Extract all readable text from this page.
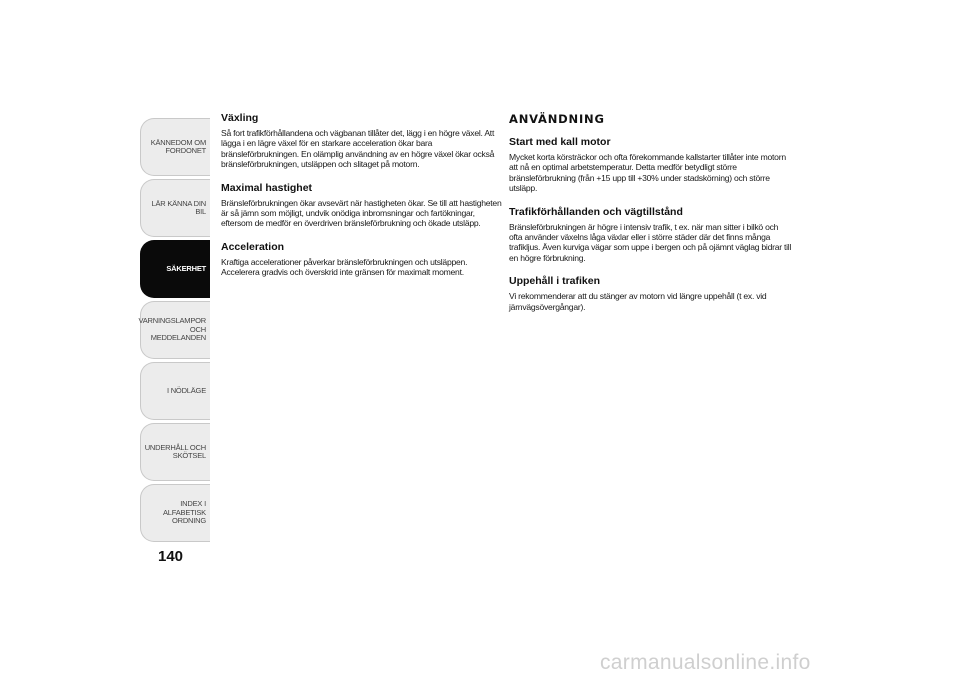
KÄNNEDOM OM
FORDONET
LÄR KÄNNA DIN BIL
SÄKERHET
VARNINGSLAMPOR
OCH MEDDELANDEN
I NÖDLÄGE
UNDERHÅLL OCH
SKÖTSEL
INDEX I ALFABETISK
ORDNING
140
Växling

Så fort trafikförhållandena och vägbanan tillåter det, lägg i en högre växel. Att lägga i en lägre växel för en starkare acceleration ökar bara bränsleförbrukningen. En olämplig användning av en högre växel ökar också bränsleförbrukningen, utsläppen och slitaget på motorn.

Maximal hastighet

Bränsleförbrukningen ökar avsevärt när hastigheten ökar. Se till att hastigheten är så jämn som möjligt, undvik onödiga inbromsningar och fartökningar, eftersom de medför en överdriven bränsleförbrukning och ökade utsläpp.

Acceleration

Kraftiga accelerationer påverkar bränsleförbrukningen och utsläppen. Accelerera gradvis och överskrid inte gränsen för maximalt moment.

ANVÄNDNING
Start med kall motor

Mycket korta körsträckor och ofta förekommande kallstarter tillåter inte motorn att nå en optimal arbetstemperatur. Detta medför betydligt större bränsleförbrukning (från +15 upp till +30% under stadskörning) och större utsläpp.

Trafikförhållanden och vägtillstånd

Bränsleförbrukningen är högre i intensiv trafik, t ex. när man sitter i bilkö och ofta använder växelns låga växlar eller i större städer där det finns många trafikljus. Även kurviga vägar som uppe i bergen och på ojämnt väglag bidrar till en högre förbrukning.

Uppehåll i trafiken

Vi rekommenderar att du stänger av motorn vid längre uppehåll (t ex. vid järnvägsövergångar).

carmanualsonline.info
